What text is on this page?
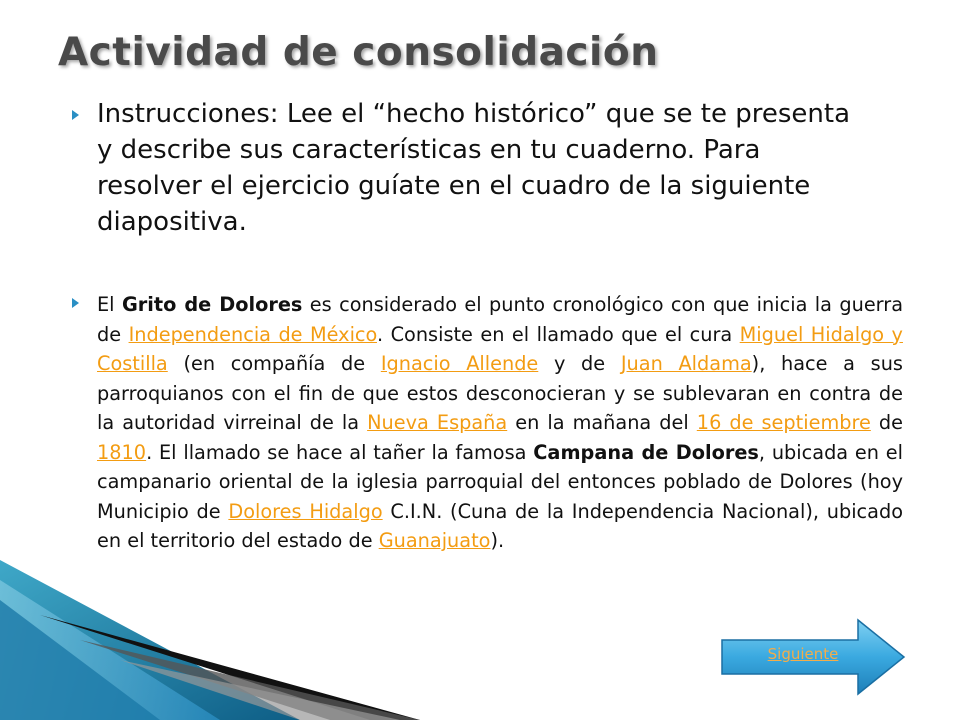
Actividad de consolidación

Instrucciones: Lee el “hecho histórico” que se te presenta y describe sus características en tu cuaderno. Para resolver el ejercicio guíate en el cuadro de la siguiente diapositiva.

El Grito de Dolores es considerado el punto cronológico con que inicia la guerra de Independencia de México. Consiste en el llamado que el cura Miguel Hidalgo y Costilla (en compañía de Ignacio Allende y de Juan Aldama), hace a sus parroquianos con el fin de que estos desconocieran y se sublevaran en contra de la autoridad virreinal de la Nueva España en la mañana del 16 de septiembre de 1810. El llamado se hace al tañer la famosa Campana de Dolores, ubicada en el campanario oriental de la iglesia parroquial del entonces poblado de Dolores (hoy Municipio de Dolores Hidalgo C.I.N. (Cuna de la Independencia Nacional), ubicado en el territorio del estado de Guanajuato).

Siguiente
